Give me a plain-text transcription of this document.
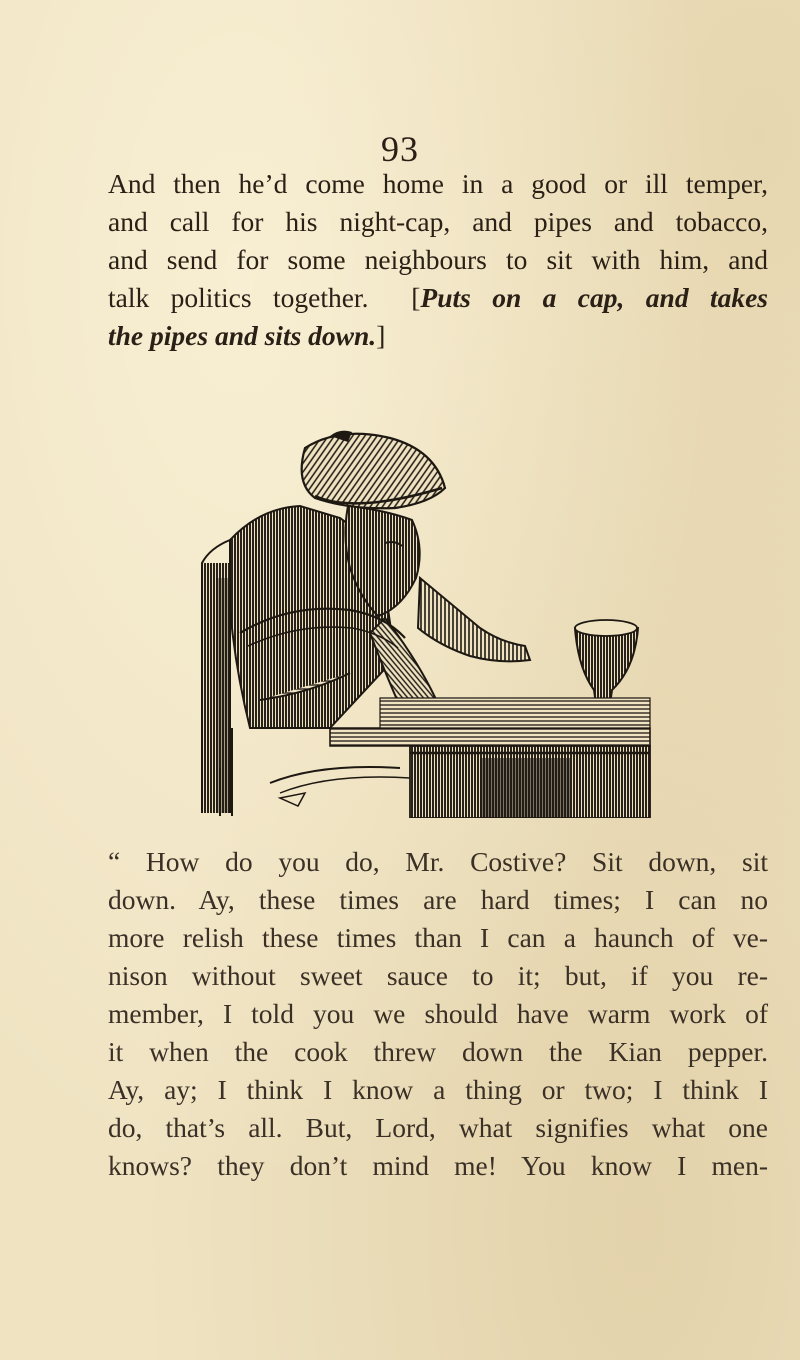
93
And then he’d come home in a good or ill temper,
and call for his night-cap, and pipes and tobacco,
and send for some neighbours to sit with him, and
talk politics together. [Puts on a cap, and takes
the pipes and sits down.]
“ How do you do, Mr. Costive? Sit down, sit
down. Ay, these times are hard times; I can no
more relish these times than I can a haunch of ve-
nison without sweet sauce to it; but, if you re-
member, I told you we should have warm work of
it when the cook threw down the Kian pepper.
Ay, ay; I think I know a thing or two; I think I
do, that’s all. But, Lord, what signifies what one
knows? they don’t mind me! You know I men-
